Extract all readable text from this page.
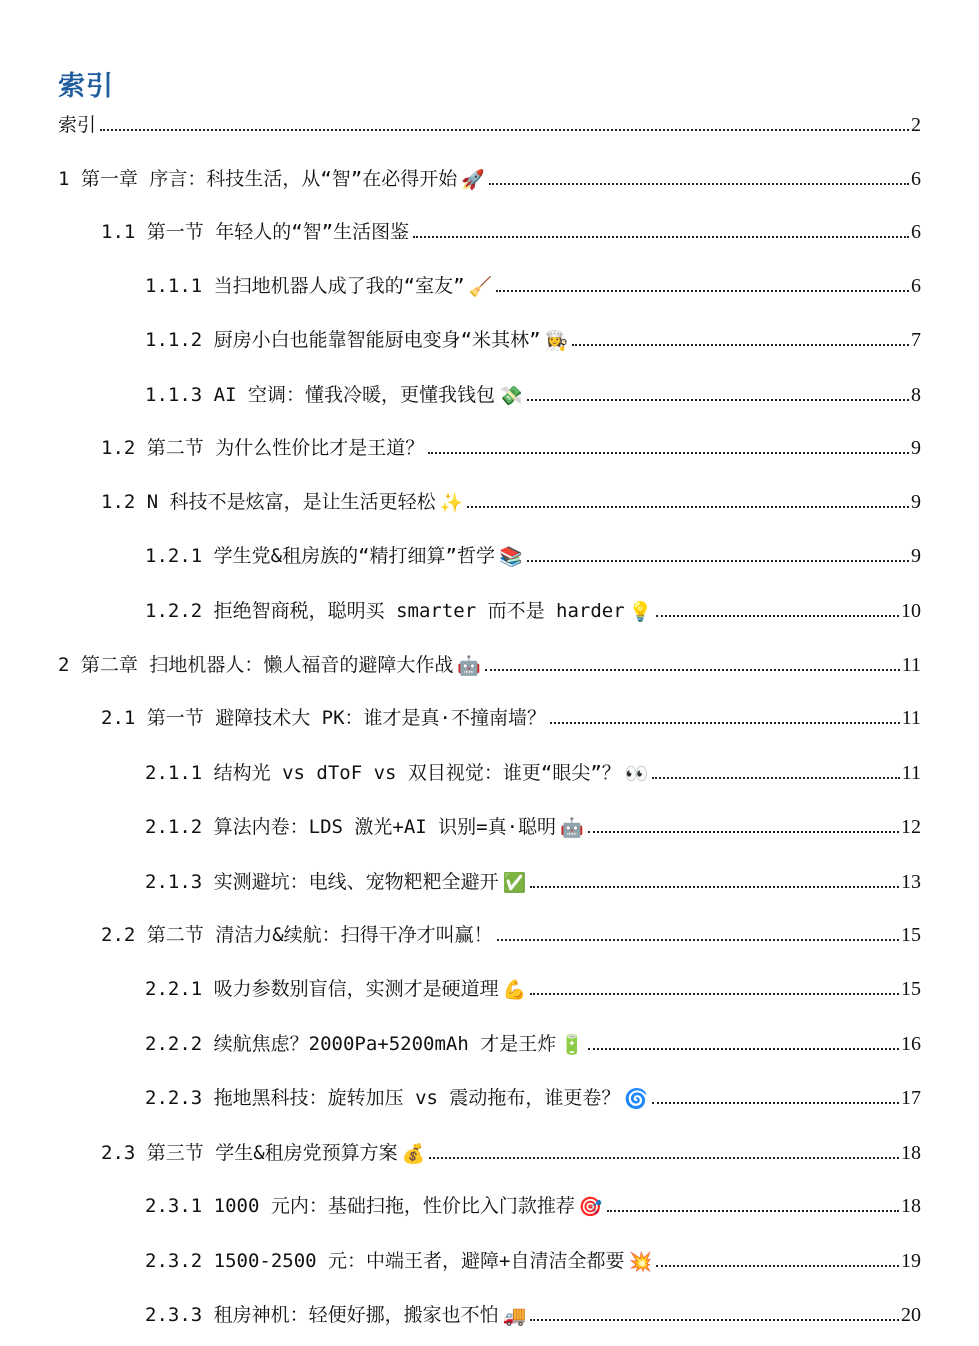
索引
索引	2
1 第一章 序言：科技生活，从“智”在必得开始 🚀	6
1.1 第一节 年轻人的“智”生活图鉴	6
1.1.1 当扫地机器人成了我的“室友” 🧹	6
1.1.2 厨房小白也能靠智能厨电变身“米其林” 👩‍🍳	7
1.1.3 AI 空调：懂我冷暖，更懂我钱包 💸	8
1.2 第二节 为什么性价比才是王道？	9
1.2 N 科技不是炫富，是让生活更轻松 ✨	9
1.2.1 学生党&租房族的“精打细算”哲学 📚	9
1.2.2 拒绝智商税，聪明买 smarter 而不是 harder 💡	10
2 第二章 扫地机器人：懒人福音的避障大作战 🤖	11
2.1 第一节 避障技术大 PK：谁才是真·不撞南墙？	11
2.1.1 结构光 vs dToF vs 双目视觉：谁更“眼尖”？ 👀	11
2.1.2 算法内卷：LDS 激光+AI 识别=真·聪明 🤖	12
2.1.3 实测避坑：电线、宠物粑粑全避开 ✅	13
2.2 第二节 清洁力&续航：扫得干净才叫赢！	15
2.2.1 吸力参数别盲信，实测才是硬道理 💪	15
2.2.2 续航焦虑？2000Pa+5200mAh 才是王炸 🔋	16
2.2.3 拖地黑科技：旋转加压 vs 震动拖布，谁更卷？ 🌀	17
2.3 第三节 学生&租房党预算方案 💰	18
2.3.1 1000 元内：基础扫拖，性价比入门款推荐 🎯	18
2.3.2 1500-2500 元：中端王者，避障+自清洁全都要 💥	19
2.3.3 租房神机：轻便好挪，搬家也不怕 🚚	20
